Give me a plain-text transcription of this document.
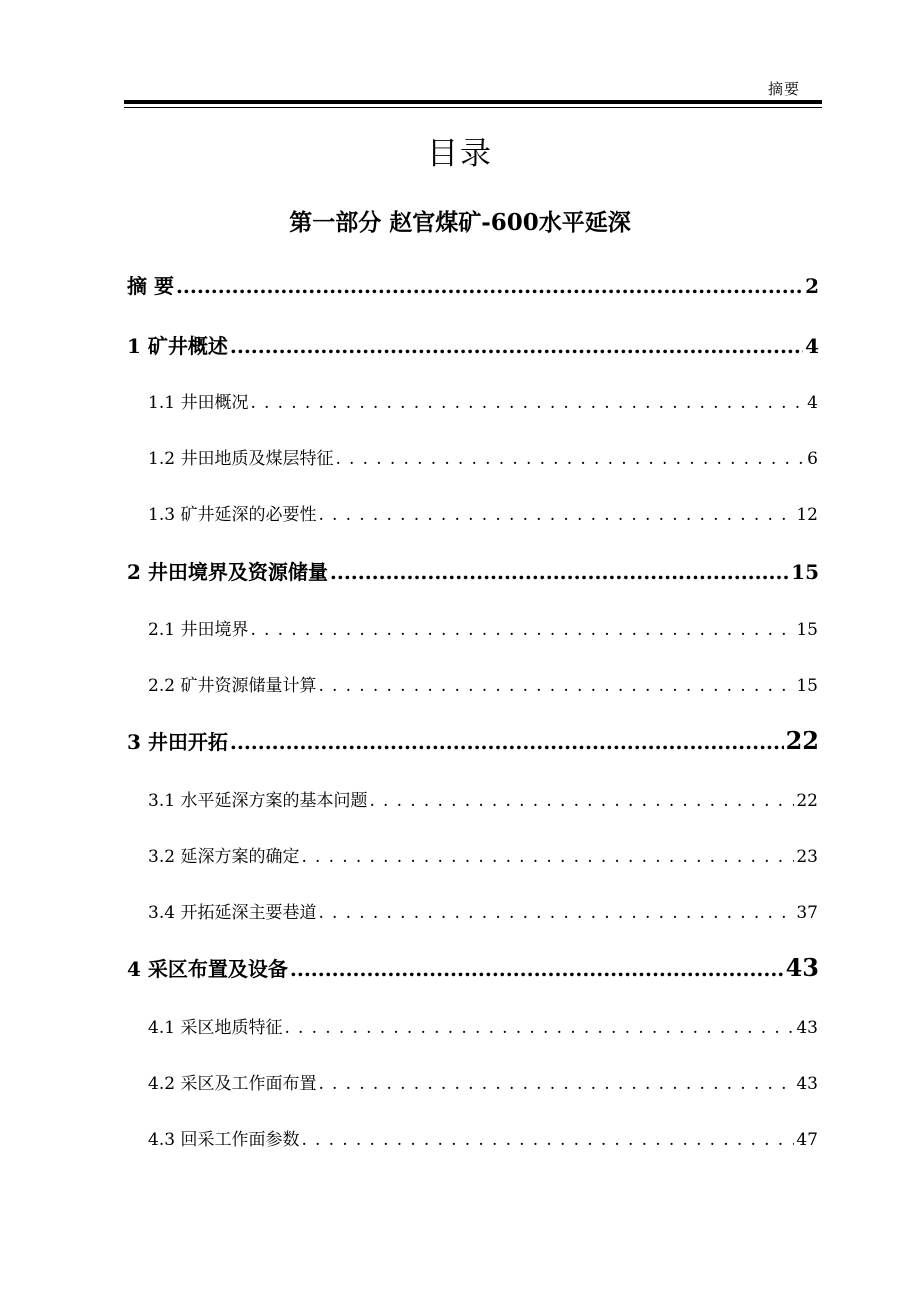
摘要
目录
第一部分 赵官煤矿-600水平延深
摘 要 .....	2
1 矿井概述 .....	4
1.1 井田概况 . . .	4
1.2 井田地质及煤层特征 . . .	6
1.3 矿井延深的必要性 . . .	12
2 井田境界及资源储量 .....	15
2.1 井田境界 . . .	15
2.2 矿井资源储量计算 . . .	15
3 井田开拓 .....	22
3.1 水平延深方案的基本问题 . . .	22
3.2 延深方案的确定 . . .	23
3.4 开拓延深主要巷道 . . .	37
4 采区布置及设备 .....	43
4.1 采区地质特征 . . .	43
4.2 采区及工作面布置 . . .	43
4.3 回采工作面参数 . . .	47
